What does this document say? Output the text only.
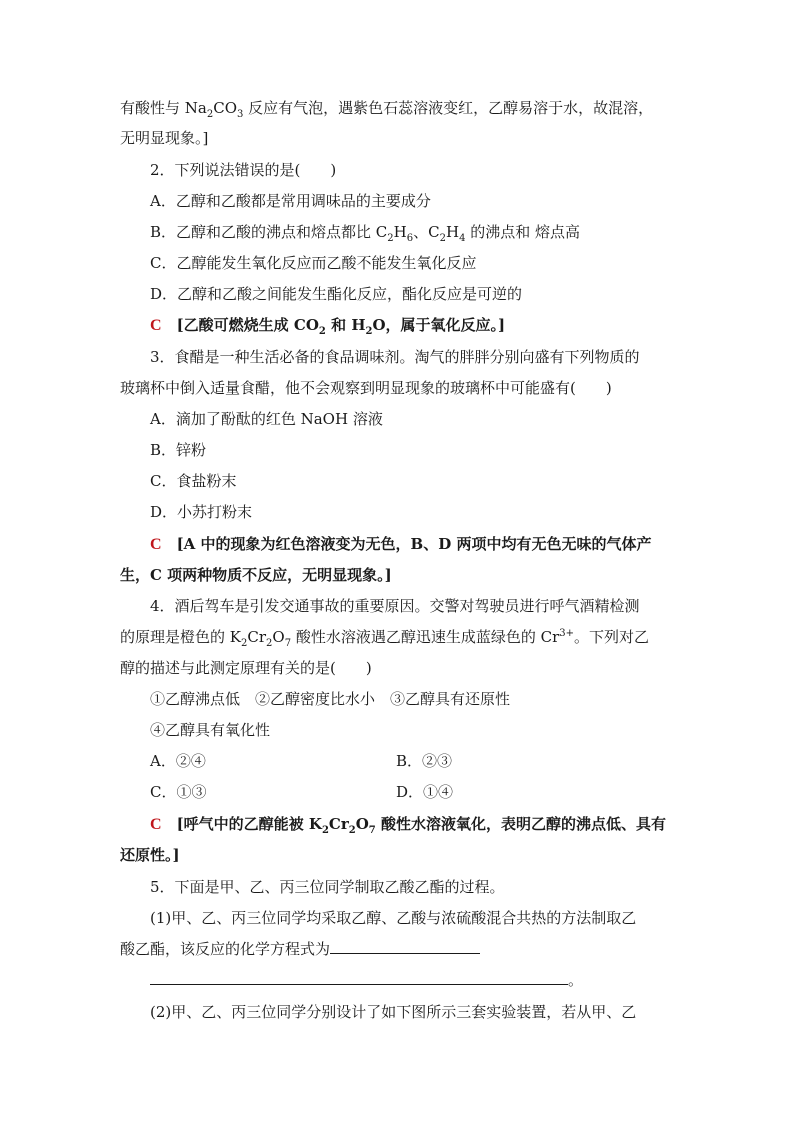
有酸性与 $Na_2CO_3$ 反应有气泡，遇紫色石蕊溶液变红，乙醇易溶于水，故混溶，
无明显现象。]
2．下列说法错误的是(　　)
A．乙醇和乙酸都是常用调味品的主要成分
B．乙醇和乙酸的沸点和熔点都比 $C_2H_6$、$C_2H_4$ 的沸点和 熔点高
C．乙醇能发生氧化反应而乙酸不能发生氧化反应
D．乙醇和乙酸之间能发生酯化反应，酯化反应是可逆的
C　 [乙酸可燃烧生成 $CO_2$ 和 $H_2O$，属于氧化反应。]
3．食醋是一种生活必备的食品调味剂。淘气的胖胖分别向盛有下列物质的
玻璃杯中倒入适量食醋，他不会观察到明显现象的玻璃杯中可能盛有(　　)
A．滴加了酚酞的红色 NaOH 溶液
B．锌粉
C．食盐粉末
D．小苏打粉末
C　 [A 中的现象为红色溶液变为无色，B、D 两项中均有无色无味的气体产
生，C 项两种物质不反应，无明显现象。]
4．酒后驾车是引发交通事故的重要原因。交警对驾驶员进行呼气酒精检测
的原理是橙色的 $K_2Cr_2O_7$ 酸性水溶液遇乙醇迅速生成蓝绿色的 $Cr^{3+}$。下列对乙
醇的描述与此测定原理有关的是(　　)
①乙醇沸点低　②乙醇密度比水小　③乙醇具有还原性
④乙醇具有氧化性
A．②④	B．②③
C．①③	D．①④
C　 [呼气中的乙醇能被 $K_2Cr_2O_7$ 酸性水溶液氧化，表明乙醇的沸点低、具有
还原性。]
5．下面是甲、乙、丙三位同学制取乙酸乙酯的过程。
(1)甲、乙、丙三位同学均采取乙醇、乙酸与浓硫酸混合共热的方法制取乙
酸乙酯，该反应的化学方程式为
。
(2)甲、乙、丙三位同学分别设计了如下图所示三套实验装置，若从甲、乙
